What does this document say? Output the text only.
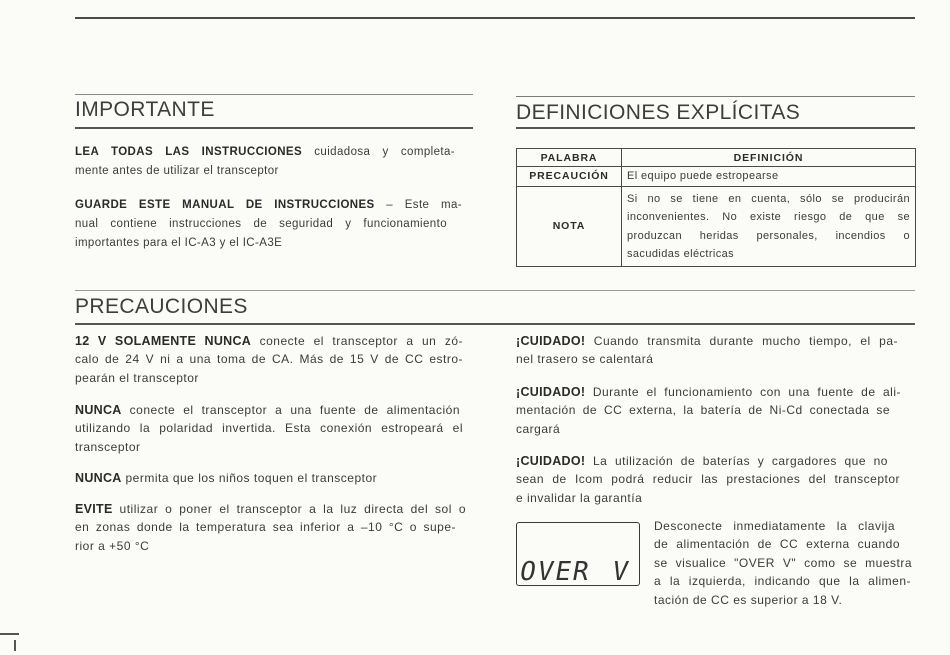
IMPORTANTE
LEA TODAS LAS INSTRUCCIONES cuidadosa y completa-
mente antes de utilizar el transceptor
GUARDE ESTE MANUAL DE INSTRUCCIONES – Este ma-
nual contiene instrucciones de seguridad y funcionamiento
importantes para el IC-A3 y el IC-A3E
DEFINICIONES EXPLÍCITAS
PALABRA	DEFINICIÓN
PRECAUCIÓN	El equipo puede estropearse

NOTA	Si no se tiene en cuenta, sólo se producirán
inconvenientes. No existe riesgo de que se
produzcan heridas personales, incendios o
sacudidas eléctricas
PRECAUCIONES
12 V SOLAMENTE NUNCA conecte el transceptor a un zó-
calo de 24 V ni a una toma de CA. Más de 15 V de CC estro-
pearán el transceptor
NUNCA conecte el transceptor a una fuente de alimentación
utilizando la polaridad invertida. Esta conexión estropeará el
transceptor
NUNCA permita que los niños toquen el transceptor
EVITE utilizar o poner el transceptor a la luz directa del sol o
en zonas donde la temperatura sea inferior a –10 °C o supe-
rior a +50 °C
¡CUIDADO! Cuando transmita durante mucho tiempo, el pa-
nel trasero se calentará
¡CUIDADO! Durante el funcionamiento con una fuente de ali-
mentación de CC externa, la batería de Ni-Cd conectada se
cargará
¡CUIDADO! La utilización de baterías y cargadores que no
sean de Icom podrá reducir las prestaciones del transceptor
e invalidar la garantía
OVER V
Desconecte inmediatamente la clavija
de alimentación de CC externa cuando
se visualice "OVER V" como se muestra
a la izquierda, indicando que la alimen-
tación de CC es superior a 18 V.
